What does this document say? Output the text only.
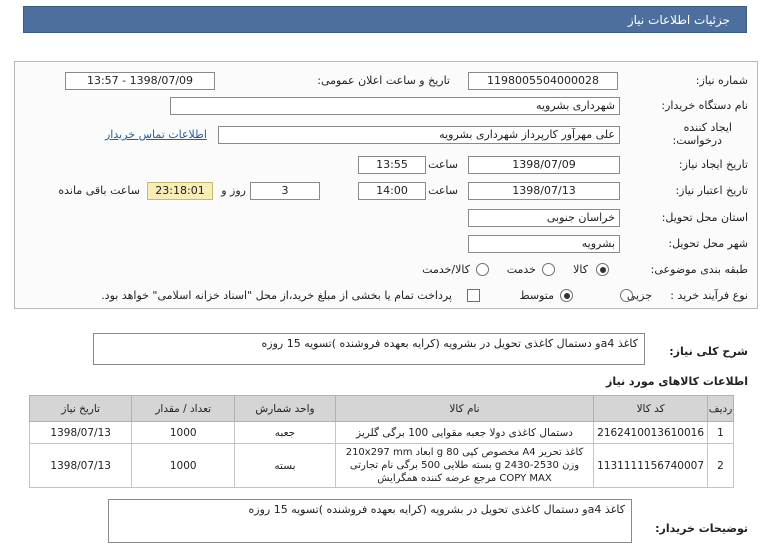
جزئیات اطلاعات نیاز
شماره نیاز:
1198005504000028
تاریخ و ساعت اعلان عمومی:
1398/07/09 - 13:57
نام دستگاه خریدار:
شهرداری بشرویه
ایجاد کننده
درخواست:
علی مهرآور کارپرداز شهرداری بشرویه
اطلاعات تماس خریدار
تاریخ ایجاد نیاز:
1398/07/09
ساعت
13:55
تاریخ اعتبار نیاز:
1398/07/13
ساعت
14:00
3
روز و
23:18:01
ساعت باقی مانده
استان محل تحویل:
خراسان جنوبی
شهر محل تحویل:
بشرویه
طبقه بندی موضوعی:
کالا
خدمت
کالا/خدمت
نوع فرآیند خرید :
جزیی
متوسط
پرداخت تمام یا بخشی از مبلغ خرید،از محل "اسناد خزانه اسلامی" خواهد بود.
شرح کلی نیاز:
کاغذ a4و دستمال کاغذی تحویل در بشرویه (کرایه بعهده فروشنده )تسویه 15 روزه
اطلاعات کالاهای مورد نیاز
ردیف	کد کالا	نام کالا	واحد شمارش	تعداد / مقدار	تاریخ نیاز
1	2162410013610016	دستمال کاغذی دولا جعبه مقوایی 100 برگی گلریز	جعبه	1000	1398/07/13
2	1131111156740007	کاغذ تحریر A4 مخصوص کپی 80 g ابعاد 210x297 mm وزن 2530-2430 g بسته طلایی 500 برگی نام تجارتی COPY MAX مرجع عرضه کننده همگرایش	بسته	1000	1398/07/13
توضیحات خریدار:
کاغذ a4و دستمال کاغذی تحویل در بشرویه (کرایه بعهده فروشنده )تسویه 15 روزه
